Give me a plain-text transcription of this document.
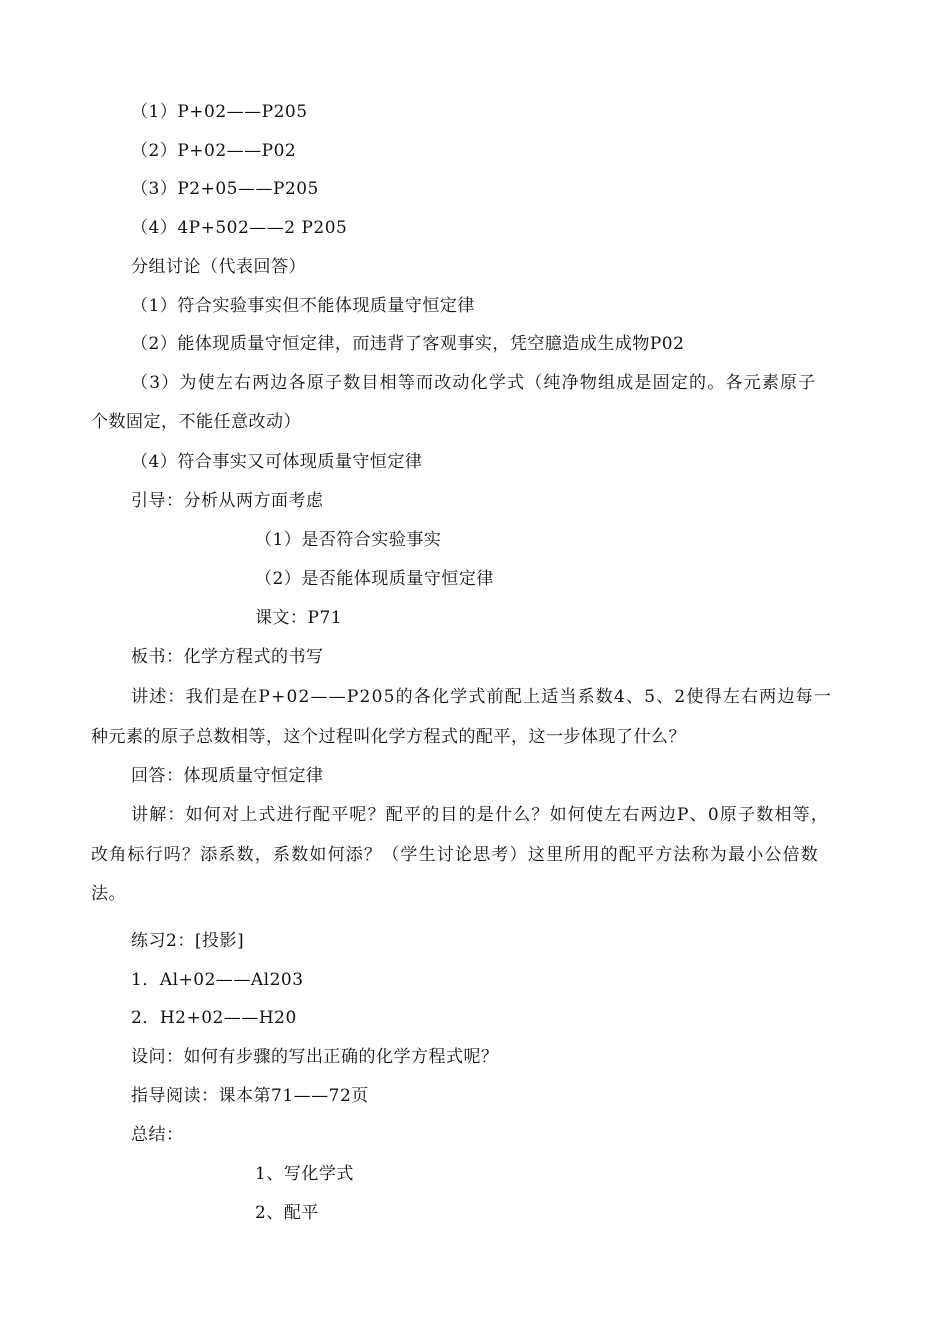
（1）P+02——P205
（2）P+02——P02
（3）P2+05——P205
（4）4P+502——2 P205
分组讨论（代表回答）
（1）符合实验事实但不能体现质量守恒定律
（2）能体现质量守恒定律，而违背了客观事实，凭空臆造成生成物P02
（3）为使左右两边各原子数目相等而改动化学式（纯净物组成是固定的。各元素原子
个数固定，不能任意改动）
（4）符合事实又可体现质量守恒定律
引导：分析从两方面考虑
（1）是否符合实验事实
（2）是否能体现质量守恒定律
课文：P71
板书：化学方程式的书写
讲述：我们是在P+02——P205的各化学式前配上适当系数4、5、2使得左右两边每一
种元素的原子总数相等，这个过程叫化学方程式的配平，这一步体现了什么？
回答：体现质量守恒定律
讲解：如何对上式进行配平呢？配平的目的是什么？如何使左右两边P、0原子数相等，
改角标行吗？添系数，系数如何添？（学生讨论思考）这里所用的配平方法称为最小公倍数
法。
练习2：[投影]
1．Al+02——Al203
2．H2+02——H20
设问：如何有步骤的写出正确的化学方程式呢？
指导阅读：课本第71——72页
总结：
1、写化学式
2、配平
